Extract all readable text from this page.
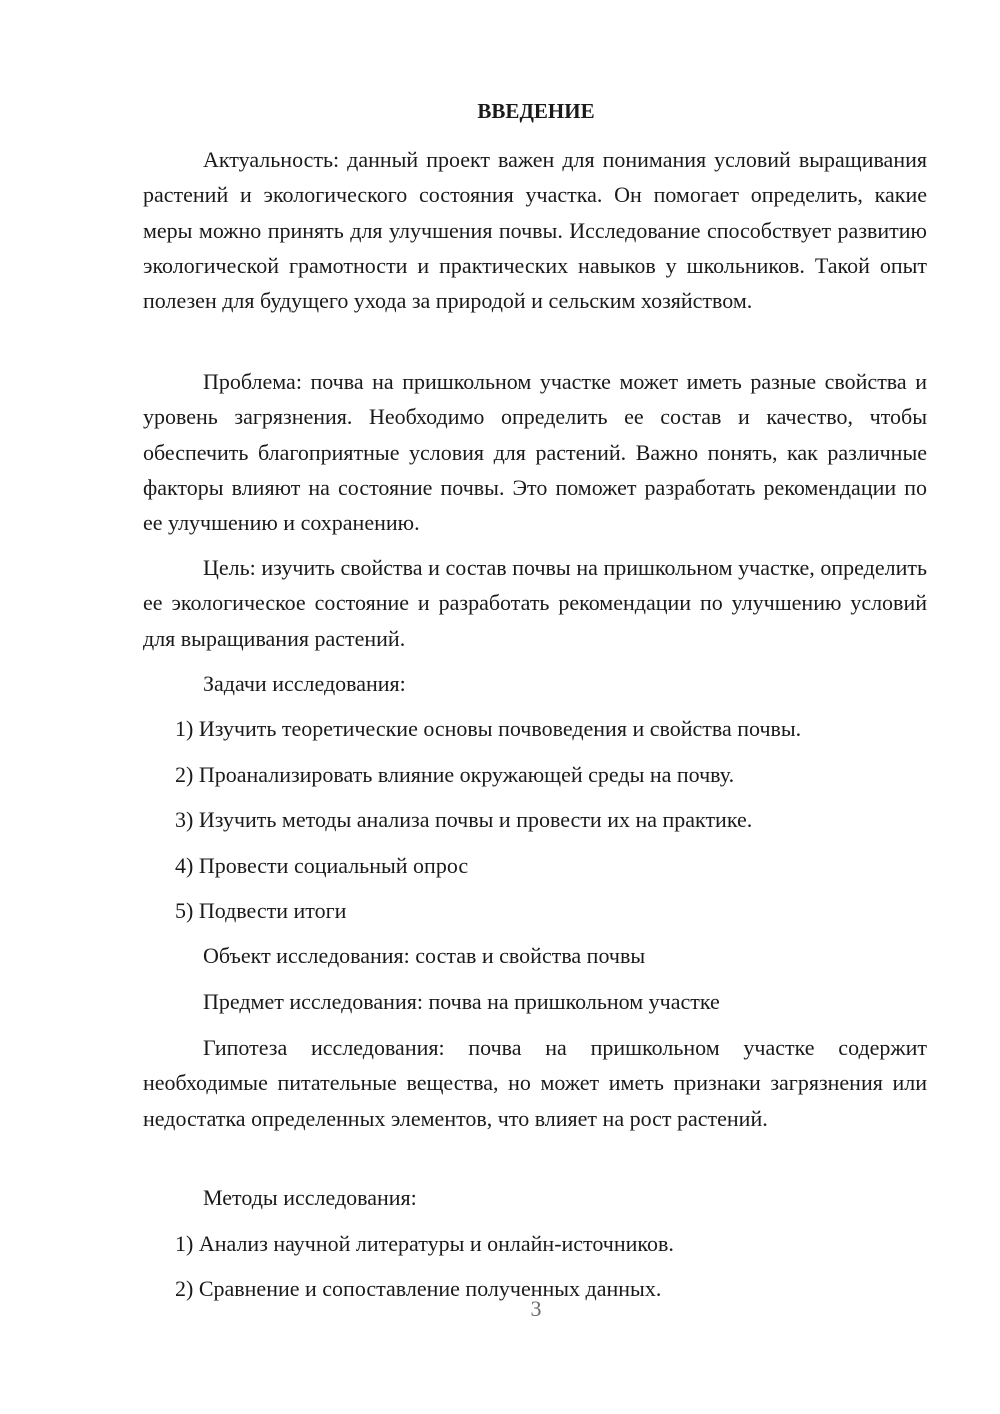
ВВЕДЕНИЕ

Актуальность: данный проект важен для понимания условий выращивания растений и экологического состояния участка. Он помогает определить, какие меры можно принять для улучшения почвы. Исследование способствует развитию экологической грамотности и практических навыков у школьников. Такой опыт полезен для будущего ухода за природой и сельским хозяйством.

Проблема: почва на пришкольном участке может иметь разные свойства и уровень загрязнения. Необходимо определить ее состав и качество, чтобы обеспечить благоприятные условия для растений. Важно понять, как различные факторы влияют на состояние почвы. Это поможет разработать рекомендации по ее улучшению и сохранению.

Цель: изучить свойства и состав почвы на пришкольном участке, определить ее экологическое состояние и разработать рекомендации по улучшению условий для выращивания растений.

Задачи исследования:

1) Изучить теоретические основы почвоведения и свойства почвы.

2) Проанализировать влияние окружающей среды на почву.

3) Изучить методы анализа почвы и провести их на практике.

4) Провести социальный опрос

5) Подвести итоги

Объект исследования: состав и свойства почвы

Предмет исследования: почва на пришкольном участке

Гипотеза исследования: почва на пришкольном участке содержит необходимые питательные вещества, но может иметь признаки загрязнения или недостатка определенных элементов, что влияет на рост растений.

Методы исследования:

1) Анализ научной литературы и онлайн-источников.

2) Сравнение и сопоставление полученных данных.

3
